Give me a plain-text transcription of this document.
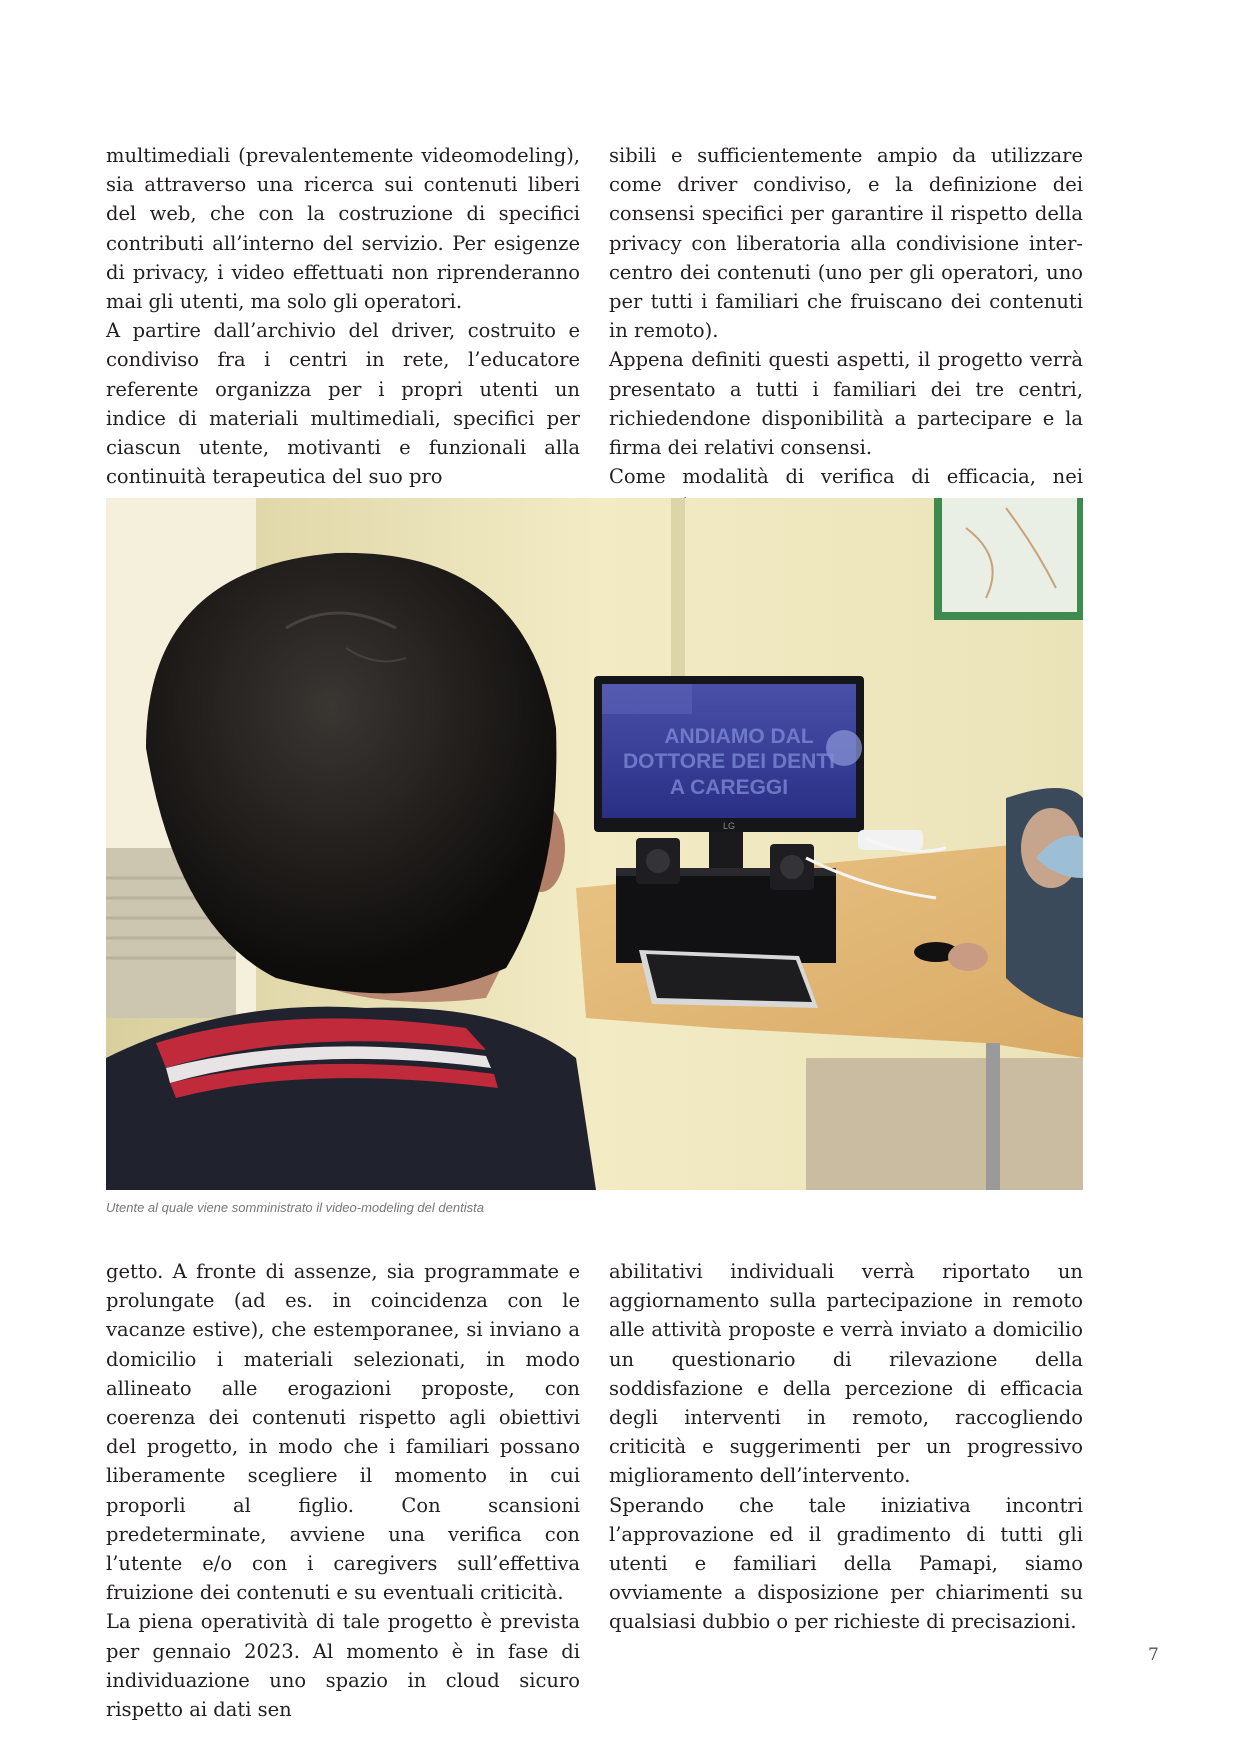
multimediali (prevalentemente videomodeling), sia attraverso una ricerca sui contenuti liberi del web, che con la costruzione di specifici contributi all’interno del servizio. Per esigenze di privacy, i video effettuati non riprenderanno mai gli utenti, ma solo gli operatori.

A partire dall’archivio del driver, costruito e condiviso fra i centri in rete, l’educatore referente organizza per i propri utenti un indice di materiali multimediali, specifici per ciascun utente, motivanti e funzionali alla continuità terapeutica del suo pro

sibili e sufficientemente ampio da utilizzare come driver condiviso, e la definizione dei consensi specifici per garantire il rispetto della privacy con liberatoria alla condivisione inter-centro dei contenuti (uno per gli operatori, uno per tutti i familiari che fruiscano dei contenuti in remoto).

Appena definiti questi aspetti, il progetto verrà presentato a tutti i familiari dei tre centri, richiedendone disponibilità a partecipare e la firma dei relativi consensi.

Come modalità di verifica di efficacia, nei

ANDIAMO DAL
DOTTORE DEI DENTI
A CAREGGI
LG
Utente al quale viene somministrato il video-modeling del dentista

getto. A fronte di assenze, sia programmate e prolungate (ad es. in coincidenza con le vacanze estive), che estemporanee, si inviano a domicilio i materiali selezionati, in modo allineato alle erogazioni proposte, con coerenza dei contenuti rispetto agli obiettivi del progetto, in modo che i familiari possano liberamente scegliere il momento in cui proporli al figlio. Con scansioni predeterminate, avviene una verifica con l’utente e/o con i caregivers sull’effettiva fruizione dei contenuti e su eventuali criticità.

La piena operatività di tale progetto è prevista per gennaio 2023. Al momento è in fase di individuazione uno spazio in cloud sicuro rispetto ai dati sen

abilitativi individuali verrà riportato un aggiornamento sulla partecipazione in remoto alle attività proposte e verrà inviato a domicilio un questionario di rilevazione della soddisfazione e della percezione di efficacia degli interventi in remoto, raccogliendo criticità e suggerimenti per un progressivo miglioramento dell’intervento.

Sperando che tale iniziativa incontri l’approvazione ed il gradimento di tutti gli utenti e familiari della Pamapi, siamo ovviamente a disposizione per chiarimenti su qualsiasi dubbio o per richieste di precisazioni.

7
